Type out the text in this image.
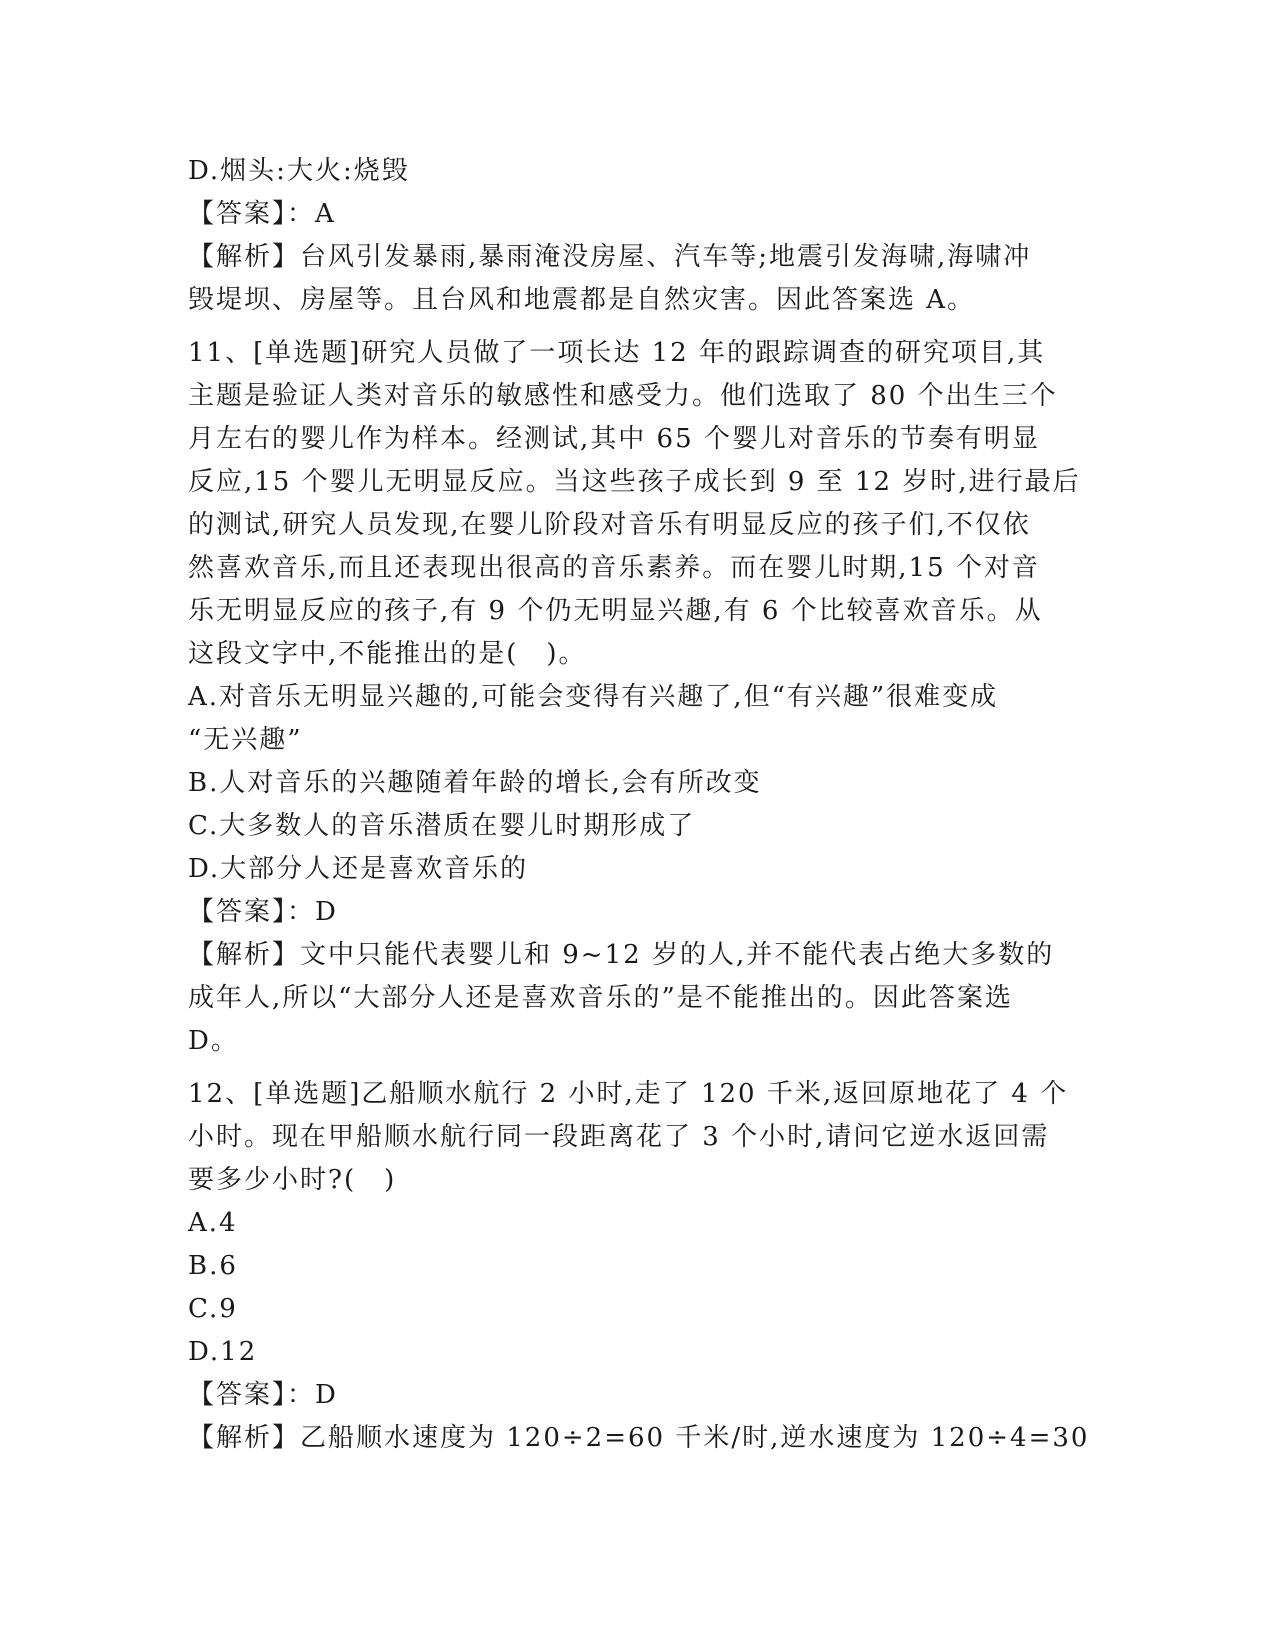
D.烟头:大火:烧毁
【答案】：A
【解析】台风引发暴雨,暴雨淹没房屋、汽车等;地震引发海啸,海啸冲
毁堤坝、房屋等。且台风和地震都是自然灾害。因此答案选 A。
11、[单选题]研究人员做了一项长达 12 年的跟踪调查的研究项目,其
主题是验证人类对音乐的敏感性和感受力。他们选取了 80 个出生三个
月左右的婴儿作为样本。经测试,其中 65 个婴儿对音乐的节奏有明显
反应,15 个婴儿无明显反应。当这些孩子成长到 9 至 12 岁时,进行最后
的测试,研究人员发现,在婴儿阶段对音乐有明显反应的孩子们,不仅依
然喜欢音乐,而且还表现出很高的音乐素养。而在婴儿时期,15 个对音
乐无明显反应的孩子,有 9 个仍无明显兴趣,有 6 个比较喜欢音乐。从
这段文字中,不能推出的是(　)。
A.对音乐无明显兴趣的,可能会变得有兴趣了,但“有兴趣”很难变成
“无兴趣”
B.人对音乐的兴趣随着年龄的增长,会有所改变
C.大多数人的音乐潜质在婴儿时期形成了
D.大部分人还是喜欢音乐的
【答案】：D
【解析】文中只能代表婴儿和 9~12 岁的人,并不能代表占绝大多数的
成年人,所以“大部分人还是喜欢音乐的”是不能推出的。因此答案选
D。
12、[单选题]乙船顺水航行 2 小时,走了 120 千米,返回原地花了 4 个
小时。现在甲船顺水航行同一段距离花了 3 个小时,请问它逆水返回需
要多少小时?(　)
A.4
B.6
C.9
D.12
【答案】：D
【解析】乙船顺水速度为 120÷2=60 千米/时,逆水速度为 120÷4=30
